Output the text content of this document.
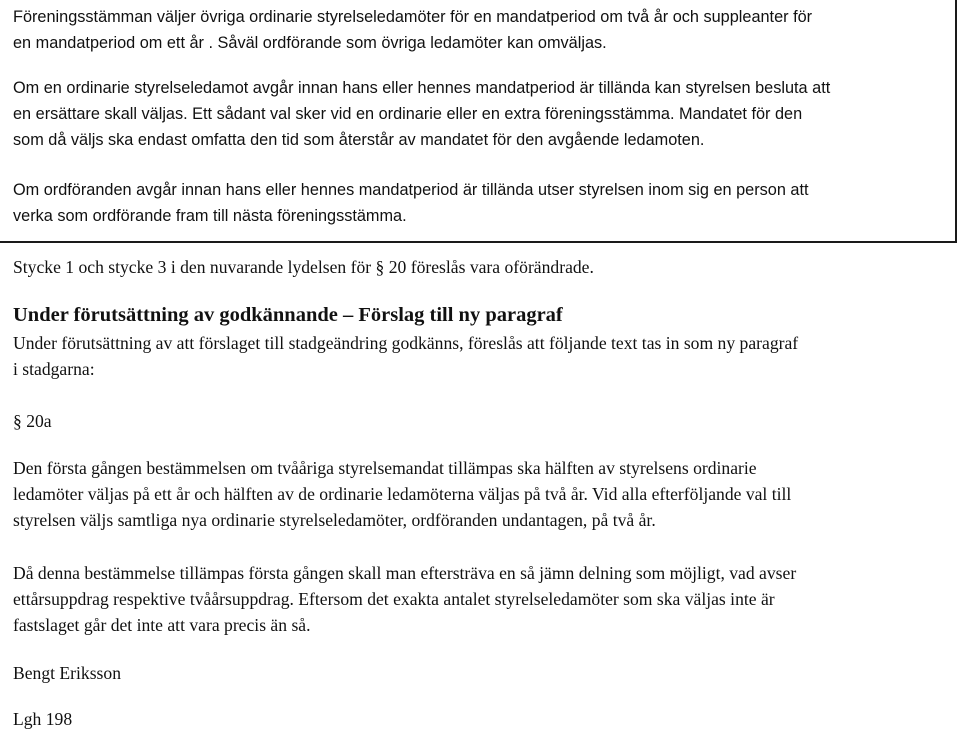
Föreningsstämman väljer övriga ordinarie styrelseledamöter för en mandatperiod om två år och suppleanter för
en mandatperiod om ett år . Såväl ordförande som övriga ledamöter kan omväljas.

Om en ordinarie styrelseledamot avgår innan hans eller hennes mandatperiod är tillända kan styrelsen besluta att
en ersättare skall väljas. Ett sådant val sker vid en ordinarie eller en extra föreningsstämma. Mandatet för den
som då väljs ska endast omfatta den tid som återstår av mandatet för den avgående ledamoten.

Om ordföranden avgår innan hans eller hennes mandatperiod är tillända utser styrelsen inom sig en person att
verka som ordförande fram till nästa föreningsstämma.

Stycke 1 och stycke 3 i den nuvarande lydelsen för § 20 föreslås vara oförändrade.

Under förutsättning av godkännande – Förslag till ny paragraf

Under förutsättning av att förslaget till stadgeändring godkänns, föreslås att följande text tas in som ny paragraf
i stadgarna:

§ 20a

Den första gången bestämmelsen om tvååriga styrelsemandat tillämpas ska hälften av styrelsens ordinarie
ledamöter väljas på ett år och hälften av de ordinarie ledamöterna väljas på två år. Vid alla efterföljande val till
styrelsen väljs samtliga nya ordinarie styrelseledamöter, ordföranden undantagen, på två år.

Då denna bestämmelse tillämpas första gången skall man eftersträva en så jämn delning som möjligt, vad avser
ettårsuppdrag respektive tvåårsuppdrag. Eftersom det exakta antalet styrelseledamöter som ska väljas inte är
fastslaget går det inte att vara precis än så.

Bengt Eriksson

Lgh 198
